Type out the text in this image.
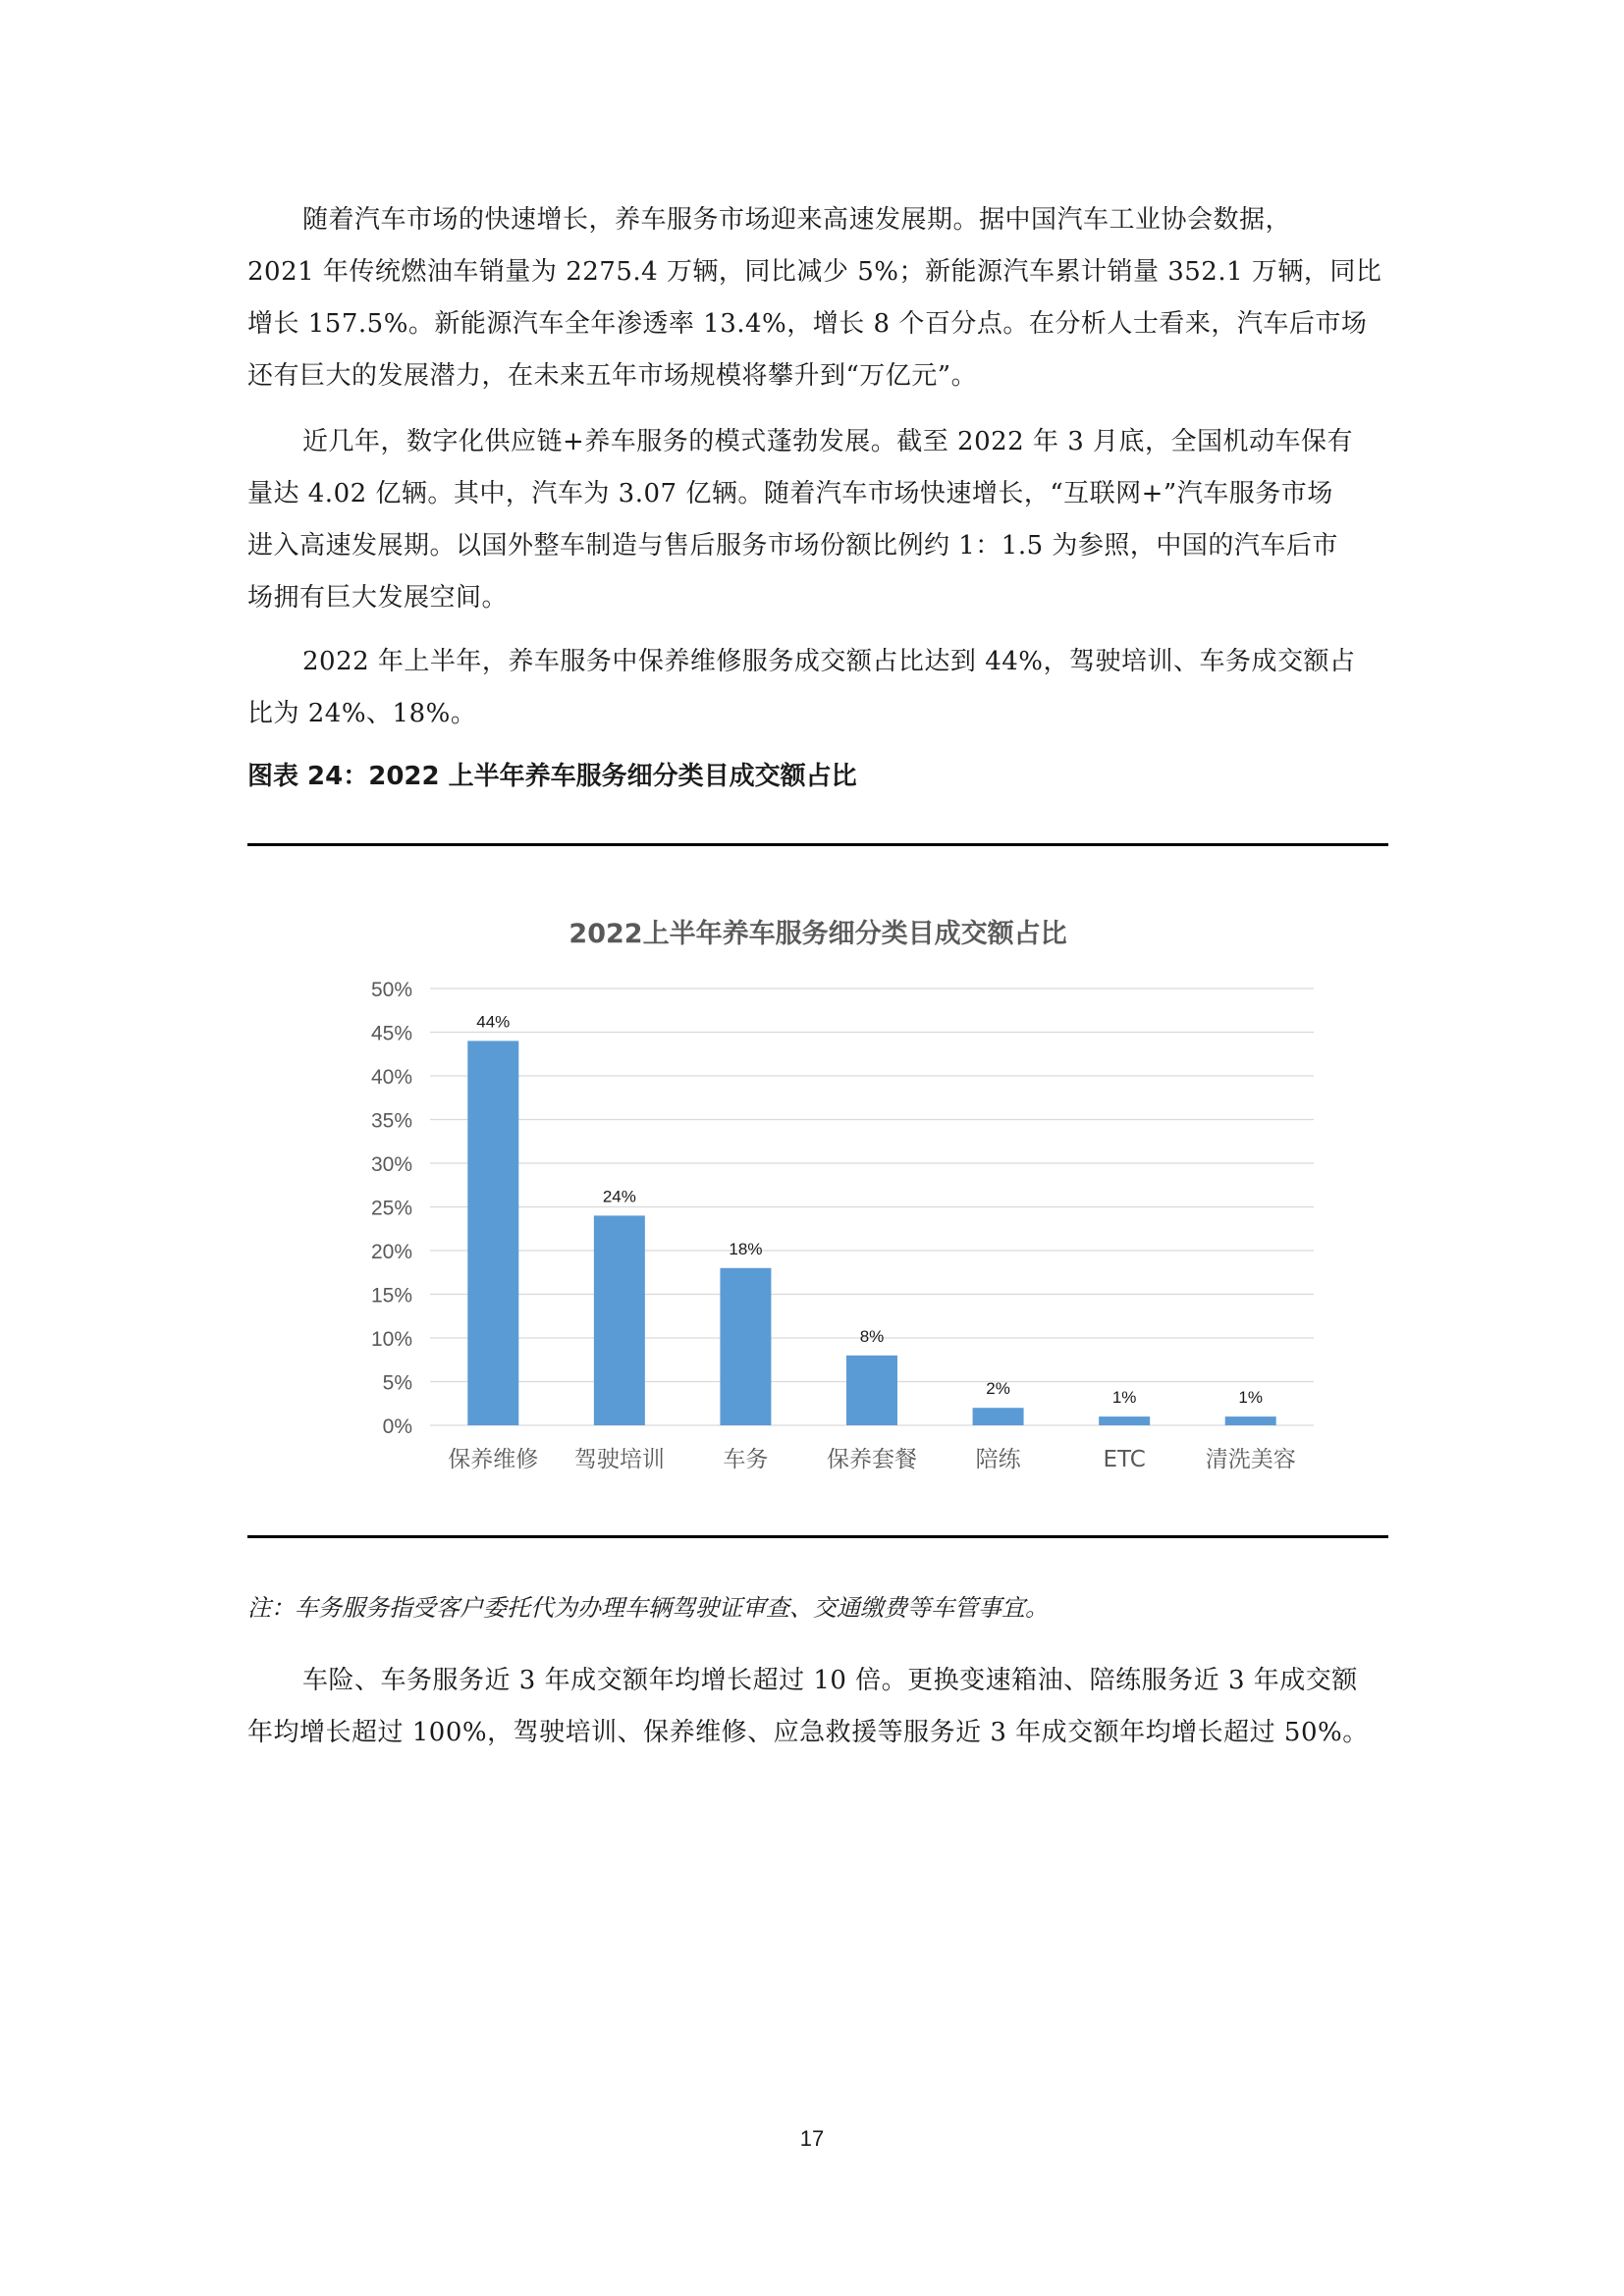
随着汽车市场的快速增长，养车服务市场迎来高速发展期。据中国汽车工业协会数据，
2021 年传统燃油车销量为 2275.4 万辆，同比减少 5%；新能源汽车累计销量 352.1 万辆，同比
增长 157.5%。新能源汽车全年渗透率 13.4%，增长 8 个百分点。在分析人士看来，汽车后市场
还有巨大的发展潜力，在未来五年市场规模将攀升到“万亿元”。
近几年，数字化供应链+养车服务的模式蓬勃发展。截至 2022 年 3 月底，全国机动车保有
量达 4.02 亿辆。其中，汽车为 3.07 亿辆。随着汽车市场快速增长，“互联网+”汽车服务市场
进入高速发展期。以国外整车制造与售后服务市场份额比例约 1：1.5 为参照，中国的汽车后市
场拥有巨大发展空间。
2022 年上半年，养车服务中保养维修服务成交额占比达到 44%，驾驶培训、车务成交额占
比为 24%、18%。
图表 24：2022 上半年养车服务细分类目成交额占比
2022上半年养车服务细分类目成交额占比
0%
5%
10%
15%
20%
25%
30%
35%
40%
45%
50%
44%
24%
18%
8%
2%	1%	1%
保养维修 驾驶培训	车务	保养套餐	陪练	ETC	清洗美容
注：车务服务指受客户委托代为办理车辆驾驶证审查、交通缴费等车管事宜。
车险、车务服务近 3 年成交额年均增长超过 10 倍。更换变速箱油、陪练服务近 3 年成交额
年均增长超过 100%，驾驶培训、保养维修、应急救援等服务近 3 年成交额年均增长超过 50%。
17
